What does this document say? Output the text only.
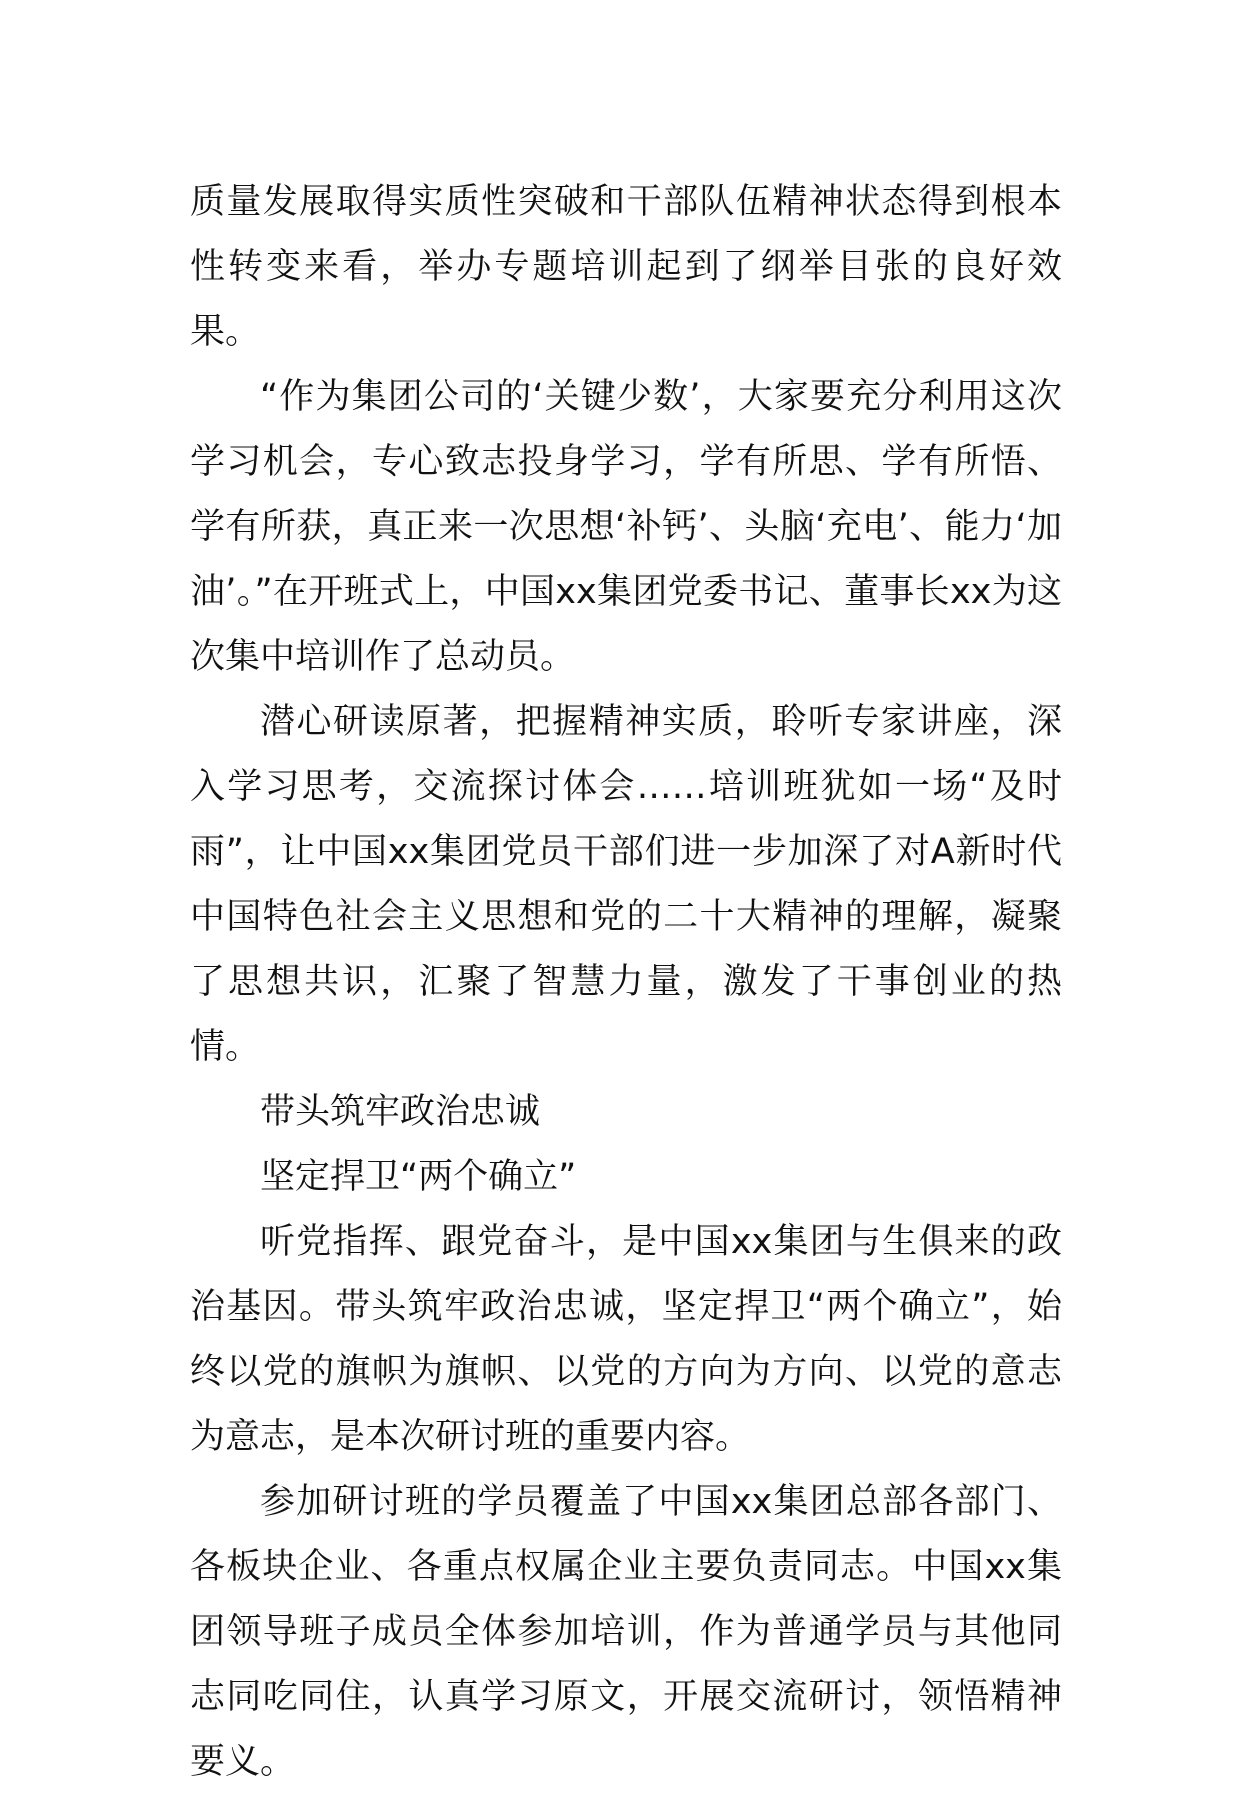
质量发展取得实质性突破和干部队伍精神状态得到根本性转变来看，举办专题培训起到了纲举目张的良好效果。

“作为集团公司的‘关键少数’，大家要充分利用这次学习机会，专心致志投身学习，学有所思、学有所悟、学有所获，真正来一次思想‘补钙’、头脑‘充电’、能力‘加油’。”在开班式上，中国xx集团党委书记、董事长xx为这次集中培训作了总动员。

潜心研读原著，把握精神实质，聆听专家讲座，深入学习思考，交流探讨体会……培训班犹如一场“及时雨”，让中国xx集团党员干部们进一步加深了对A新时代中国特色社会主义思想和党的二十大精神的理解，凝聚了思想共识，汇聚了智慧力量，激发了干事创业的热情。

带头筑牢政治忠诚

坚定捍卫“两个确立”

听党指挥、跟党奋斗，是中国xx集团与生俱来的政治基因。带头筑牢政治忠诚，坚定捍卫“两个确立”，始终以党的旗帜为旗帜、以党的方向为方向、以党的意志为意志，是本次研讨班的重要内容。

参加研讨班的学员覆盖了中国xx集团总部各部门、各板块企业、各重点权属企业主要负责同志。中国xx集团领导班子成员全体参加培训，作为普通学员与其他同志同吃同住，认真学习原文，开展交流研讨，领悟精神要义。
